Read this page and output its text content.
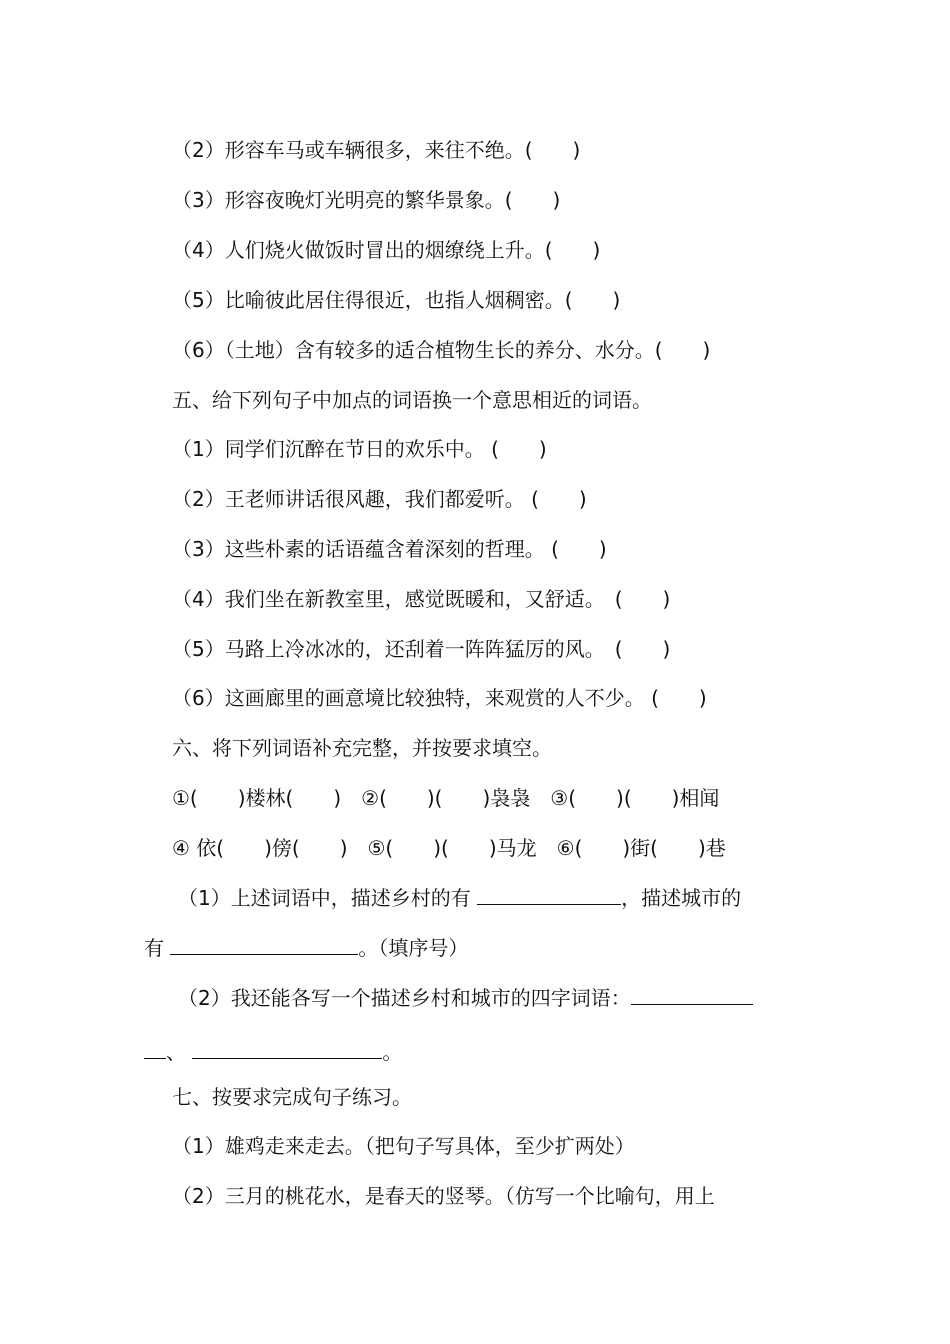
（2）形容车马或车辆很多，来往不绝。(　　)
（3）形容夜晚灯光明亮的繁华景象。(　　)
（4）人们烧火做饭时冒出的烟缭绕上升。(　　)
（5）比喻彼此居住得很近，也指人烟稠密。(　　)
（6）（土地）含有较多的适合植物生长的养分、水分。(　　)
五、给下列句子中加点的词语换一个意思相近的词语。
（1）同学们沉醉在节日的欢乐中。 (　　)
（2）王老师讲话很风趣，我们都爱听。 (　　)
（3）这些朴素的话语蕴含着深刻的哲理。 (　　)
（4）我们坐在新教室里，感觉既暖和，又舒适。　(　　)
（5）马路上冷冰冰的，还刮着一阵阵猛厉的风。　(　　)
（6）这画廊里的画意境比较独特，来观赏的人不少。 (　　)
六、将下列词语补充完整，并按要求填空。
①(　　)楼林(　　)　②(　　)(　　)袅袅　③(　　)(　　)相闻
④ 依(　　)傍(　　)　⑤(　　)(　　)马龙　⑥(　　)街(　　)巷
（1）上述词语中，描述乡村的有	，描述城市的
有	。（填序号）
（2）我还能各写一个描述乡村和城市的四字词语：
、	。
七、按要求完成句子练习。
（1）雄鸡走来走去。（把句子写具体，至少扩两处）
（2）三月的桃花水，是春天的竖琴。（仿写一个比喻句，用上
